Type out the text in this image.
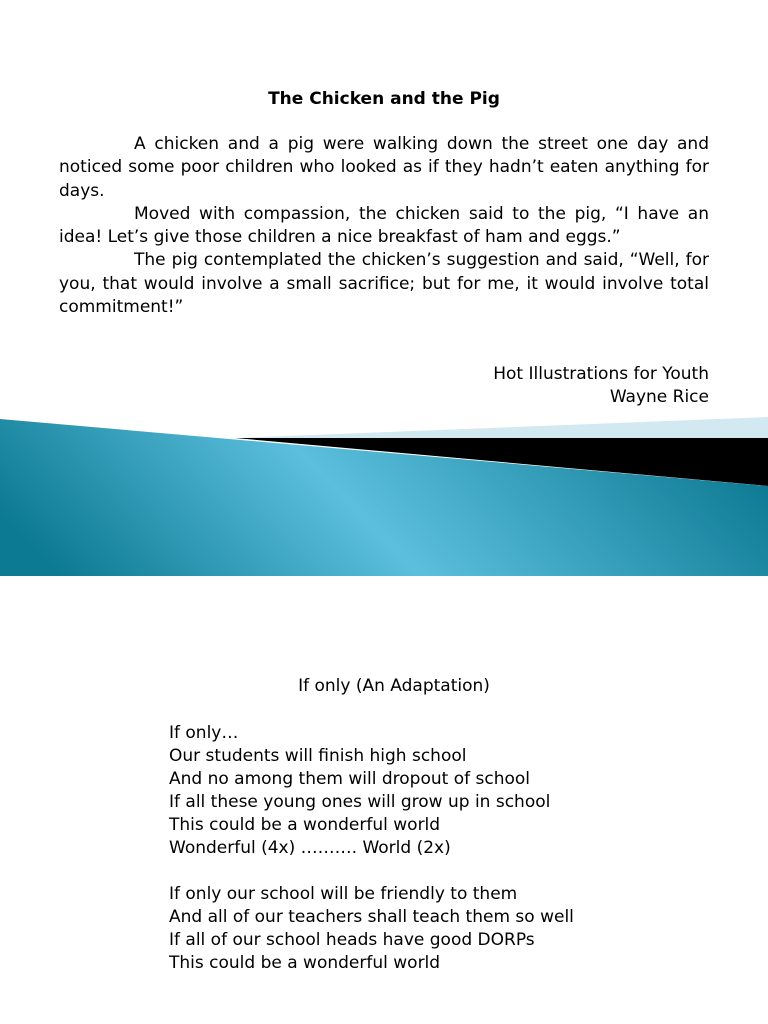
The Chicken and the Pig

A chicken and a pig were walking down the street one day and noticed some poor children who looked as if they hadn’t eaten anything for days.

Moved with compassion, the chicken said to the pig, “I have an idea! Let’s give those children a nice breakfast of ham and eggs.”

The pig contemplated the chicken’s suggestion and said, “Well, for you, that would involve a small sacrifice; but for me, it would involve total commitment!”

Hot Illustrations for Youth
Wayne Rice
If only (An Adaptation)
If only…
Our students will finish high school
And no among them will dropout of school
If all these young ones will grow up in school
This could be a wonderful world
Wonderful (4x) ………. World (2x)
If only our school will be friendly to them
And all of our teachers shall teach them so well
If all of our school heads have good DORPs
This could be a wonderful world
